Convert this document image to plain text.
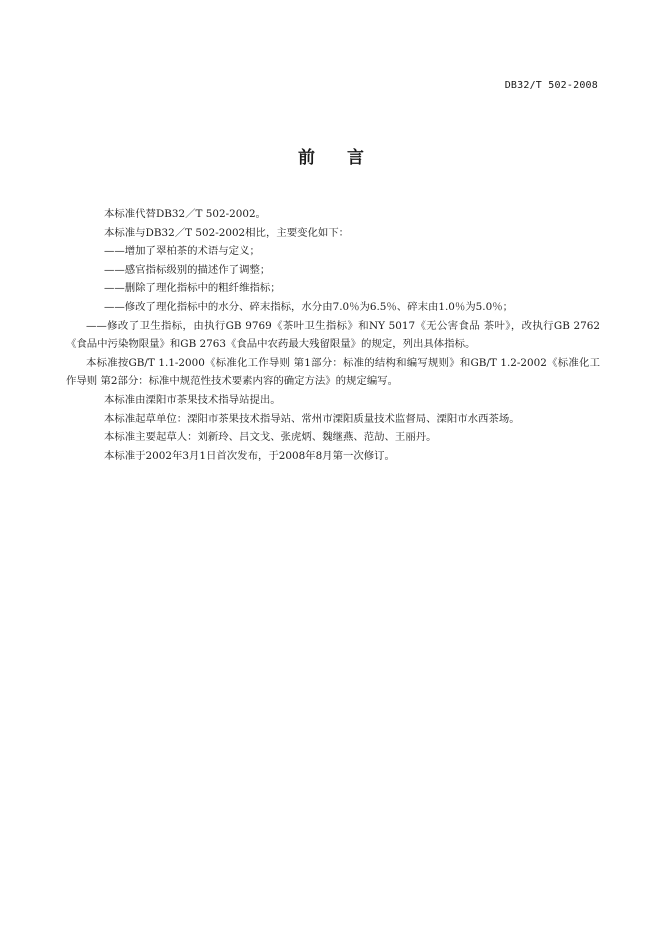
DB32/T 502-2008
前言

本标准代替DB32／T 502-2002。

本标准与DB32／T 502-2002相比，主要变化如下：

——增加了翠柏茶的术语与定义；

——感官指标级别的描述作了调整；

——删除了理化指标中的粗纤维指标；

——修改了理化指标中的水分、碎末指标，水分由7.0％为6.5％、碎末由1.0％为5.0％；

——修改了卫生指标，由执行GB 9769《茶叶卫生指标》和NY 5017《无公害食品 茶叶》，改执行GB 2762《食品中污染物限量》和GB 2763《食品中农药最大残留限量》的规定，列出具体指标。

本标准按GB/T 1.1-2000《标准化工作导则 第1部分：标准的结构和编写规则》和GB/T 1.2-2002《标准化工作导则 第2部分：标准中规范性技术要素内容的确定方法》的规定编写。

本标准由溧阳市茶果技术指导站提出。

本标准起草单位：溧阳市茶果技术指导站、常州市溧阳质量技术监督局、溧阳市水西茶场。

本标准主要起草人：刘新玲、吕文戈、张虎炳、魏继燕、范劼、王丽丹。

本标准于2002年3月1日首次发布，于2008年8月第一次修订。
